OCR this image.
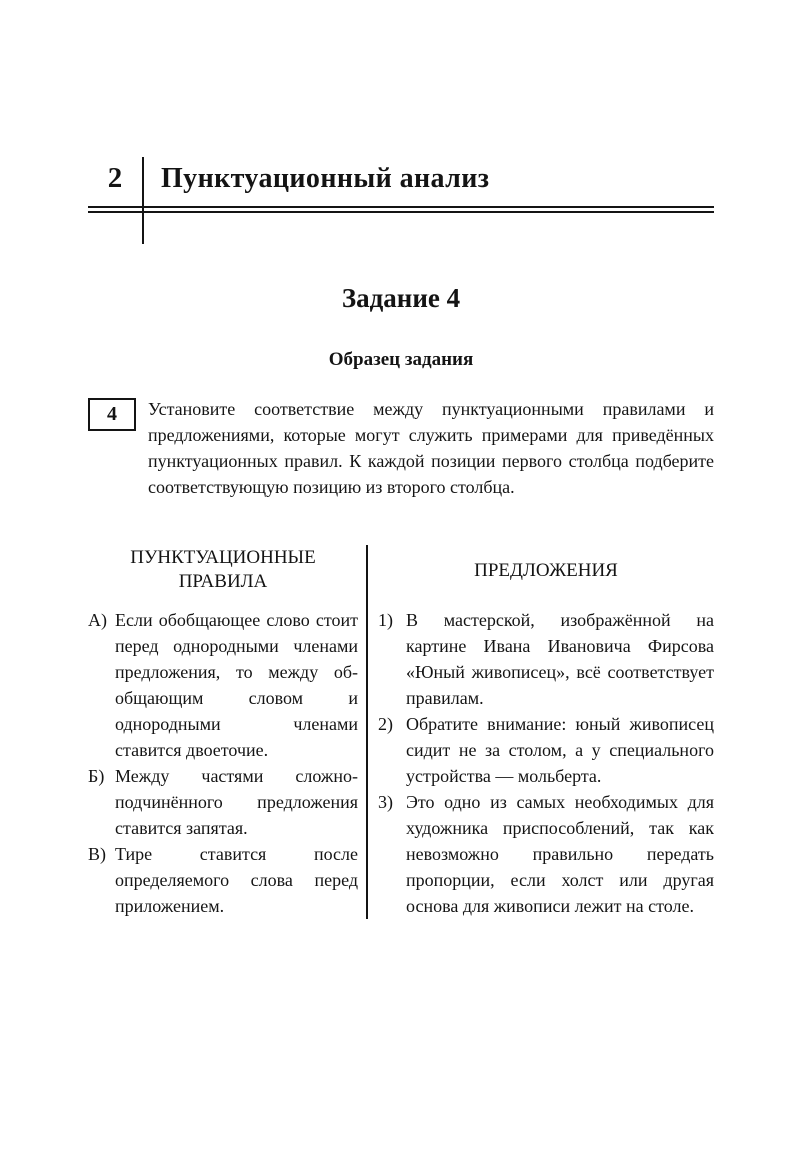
2	Пунктуационный анализ
Задание 4
Образец задания
4	Установите соответствие между пунктуационными правилами и предложениями, которые могут служить примерами для приведённых пунктуационных правил. К каждой позиции первого столбца подберите соответствующую позицию из второго столбца.
ПУНКТУАЦИОННЫЕ ПРАВИЛА
А) Если обобщающее слово стоит перед однородными членами предложения, то между обобщающим словом и однородными членами ставится двоеточие.
Б) Между частями сложноподчинённого предложения ставится запятая.
В) Тире ставится после определяемого слова перед приложением.
ПРЕДЛОЖЕНИЯ
1) В мастерской, изображённой на картине Ивана Ивановича Фирсова «Юный живописец», всё соответствует правилам.
2) Обратите внимание: юный живописец сидит не за столом, а у специального устройства — мольберта.
3) Это одно из самых необходимых для художника приспособлений, так как невозможно правильно передать пропорции, если холст или другая основа для живописи лежит на столе.
